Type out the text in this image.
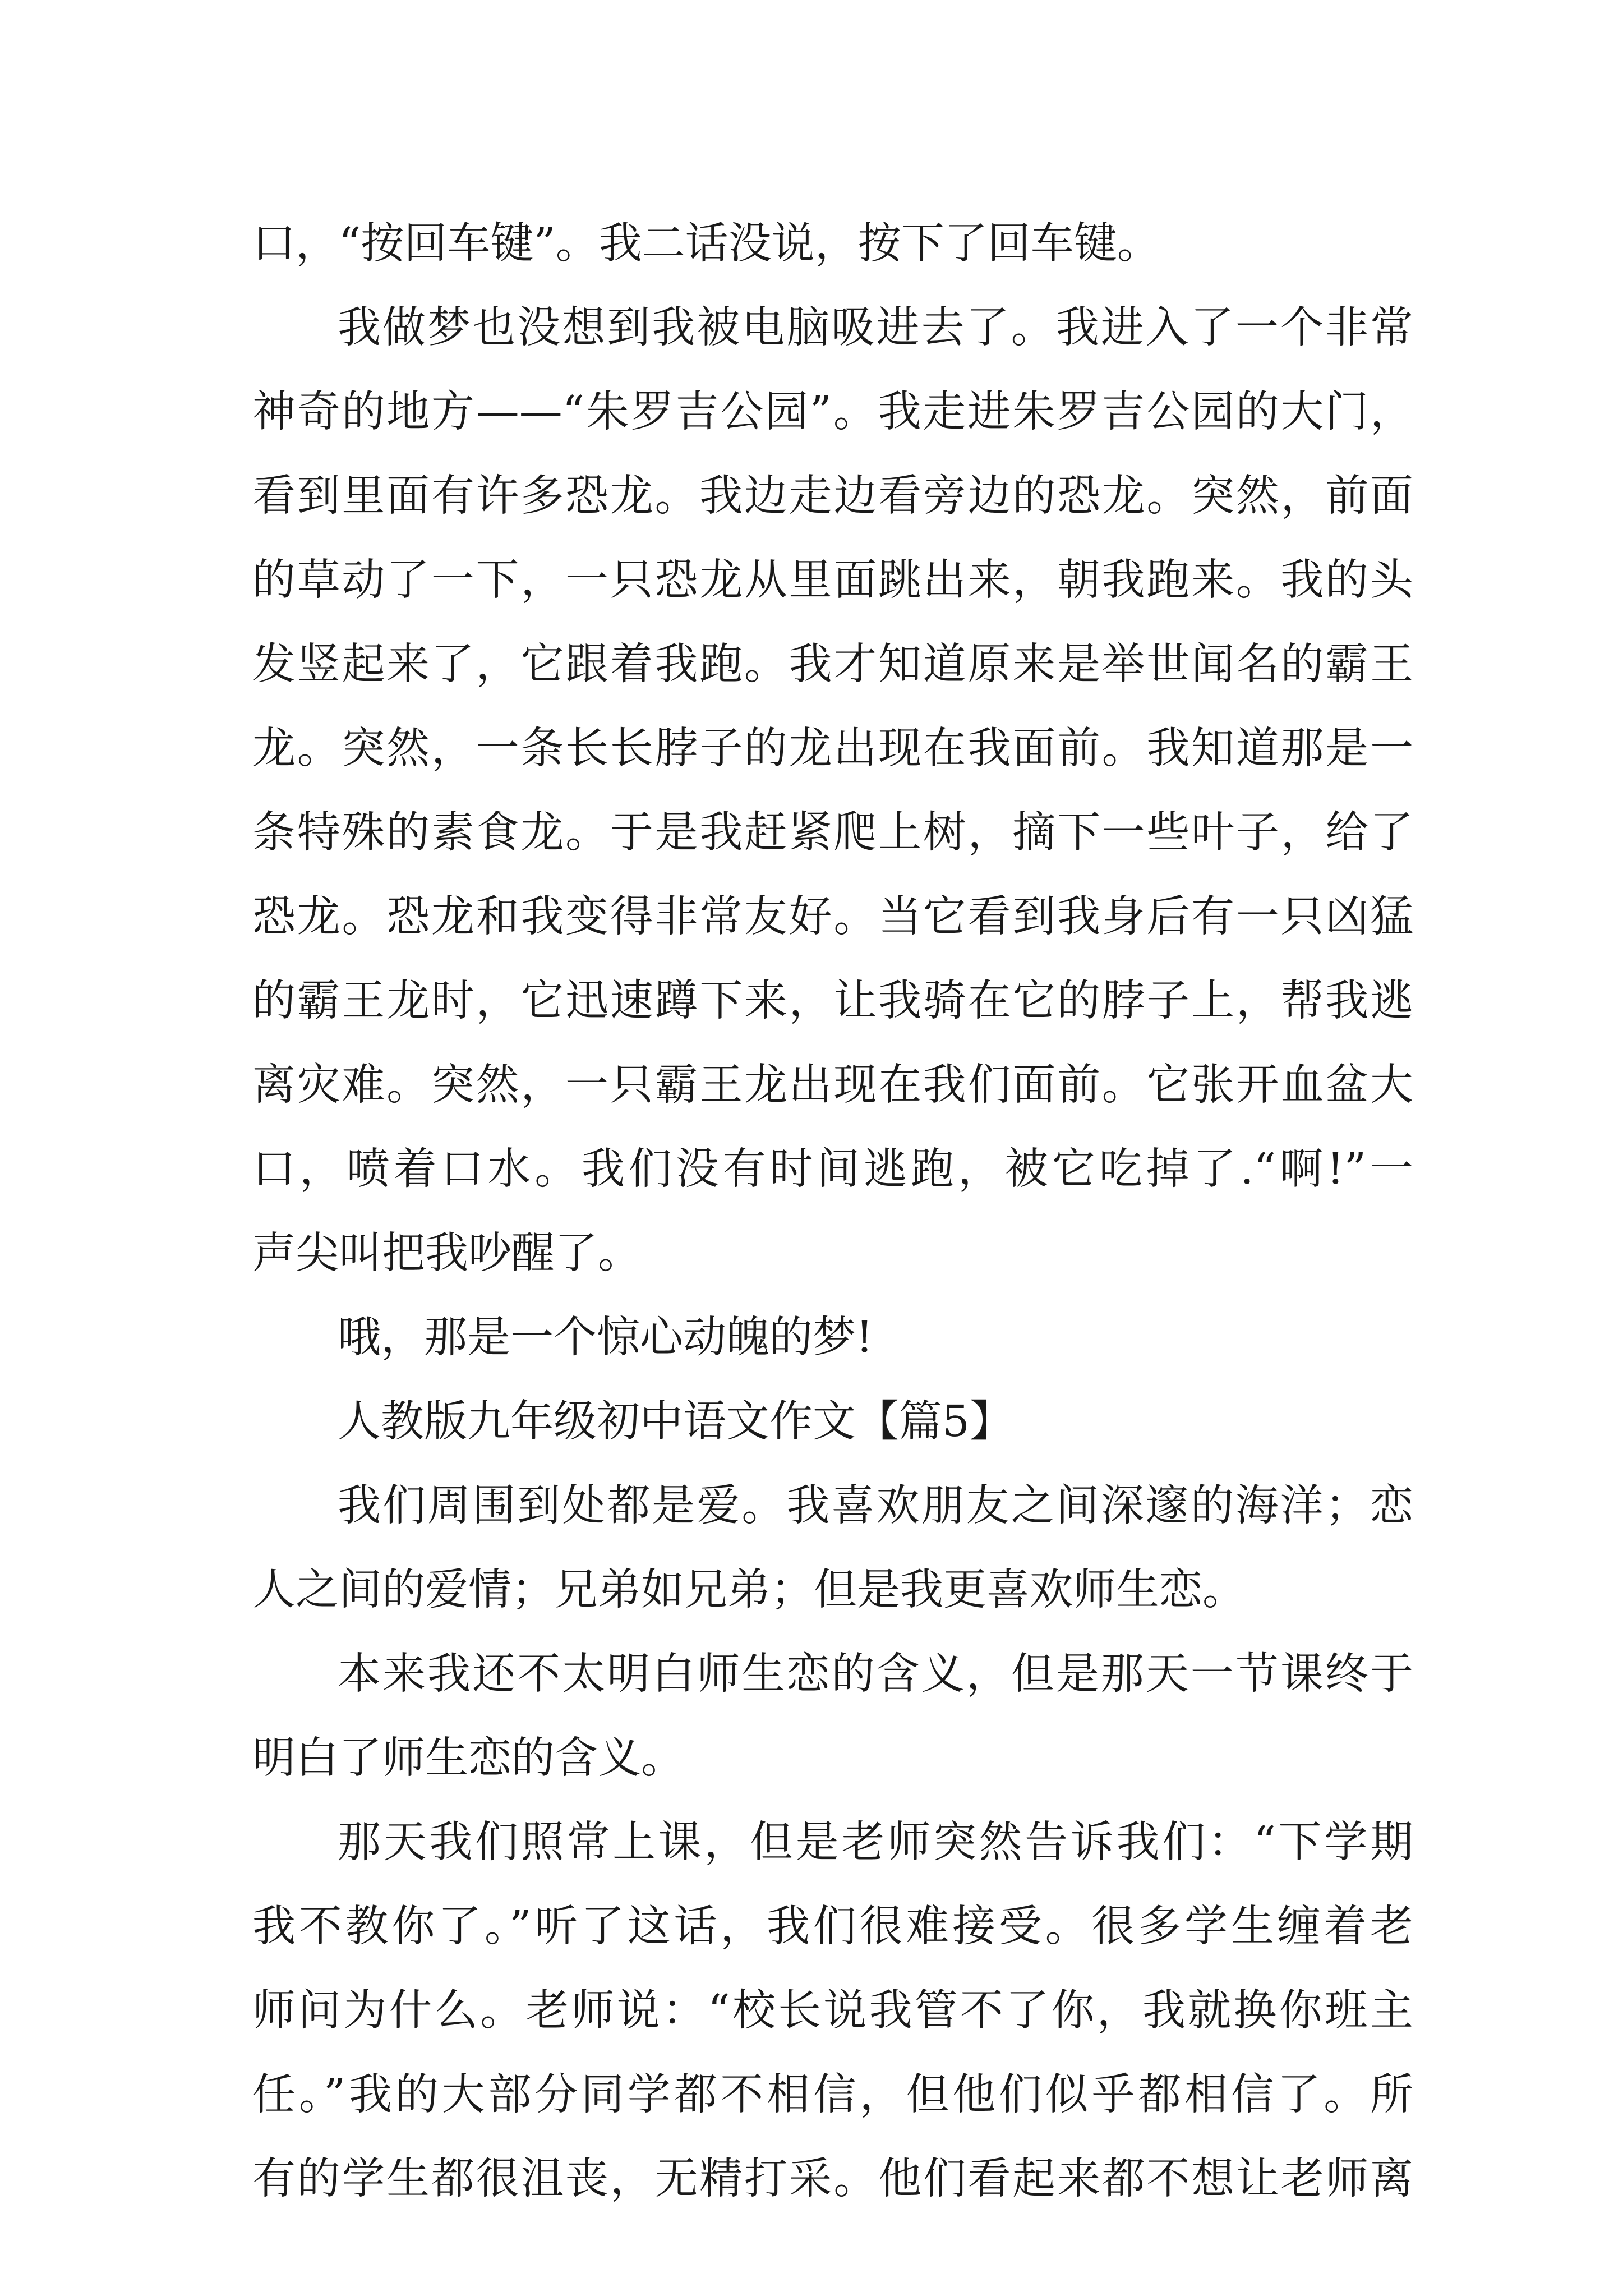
口，“按回车键”。我二话没说，按下了回车键。
我做梦也没想到我被电脑吸进去了。我进入了一个非常
神奇的地方——“朱罗吉公园”。我走进朱罗吉公园的大门，
看到里面有许多恐龙。我边走边看旁边的恐龙。突然，前面
的草动了一下，一只恐龙从里面跳出来，朝我跑来。我的头
发竖起来了，它跟着我跑。我才知道原来是举世闻名的霸王
龙。突然，一条长长脖子的龙出现在我面前。我知道那是一
条特殊的素食龙。于是我赶紧爬上树，摘下一些叶子，给了
恐龙。恐龙和我变得非常友好。当它看到我身后有一只凶猛
的霸王龙时，它迅速蹲下来，让我骑在它的脖子上，帮我逃
离灾难。突然，一只霸王龙出现在我们面前。它张开血盆大
口，喷着口水。我们没有时间逃跑，被它吃掉了.“啊!”一
声尖叫把我吵醒了。
哦，那是一个惊心动魄的梦!
人教版九年级初中语文作文【篇5】
我们周围到处都是爱。我喜欢朋友之间深邃的海洋；恋
人之间的爱情；兄弟如兄弟；但是我更喜欢师生恋。
本来我还不太明白师生恋的含义，但是那天一节课终于
明白了师生恋的含义。
那天我们照常上课，但是老师突然告诉我们：“下学期
我不教你了。”听了这话，我们很难接受。很多学生缠着老
师问为什么。老师说：“校长说我管不了你，我就换你班主
任。”我的大部分同学都不相信，但他们似乎都相信了。所
有的学生都很沮丧，无精打采。他们看起来都不想让老师离
